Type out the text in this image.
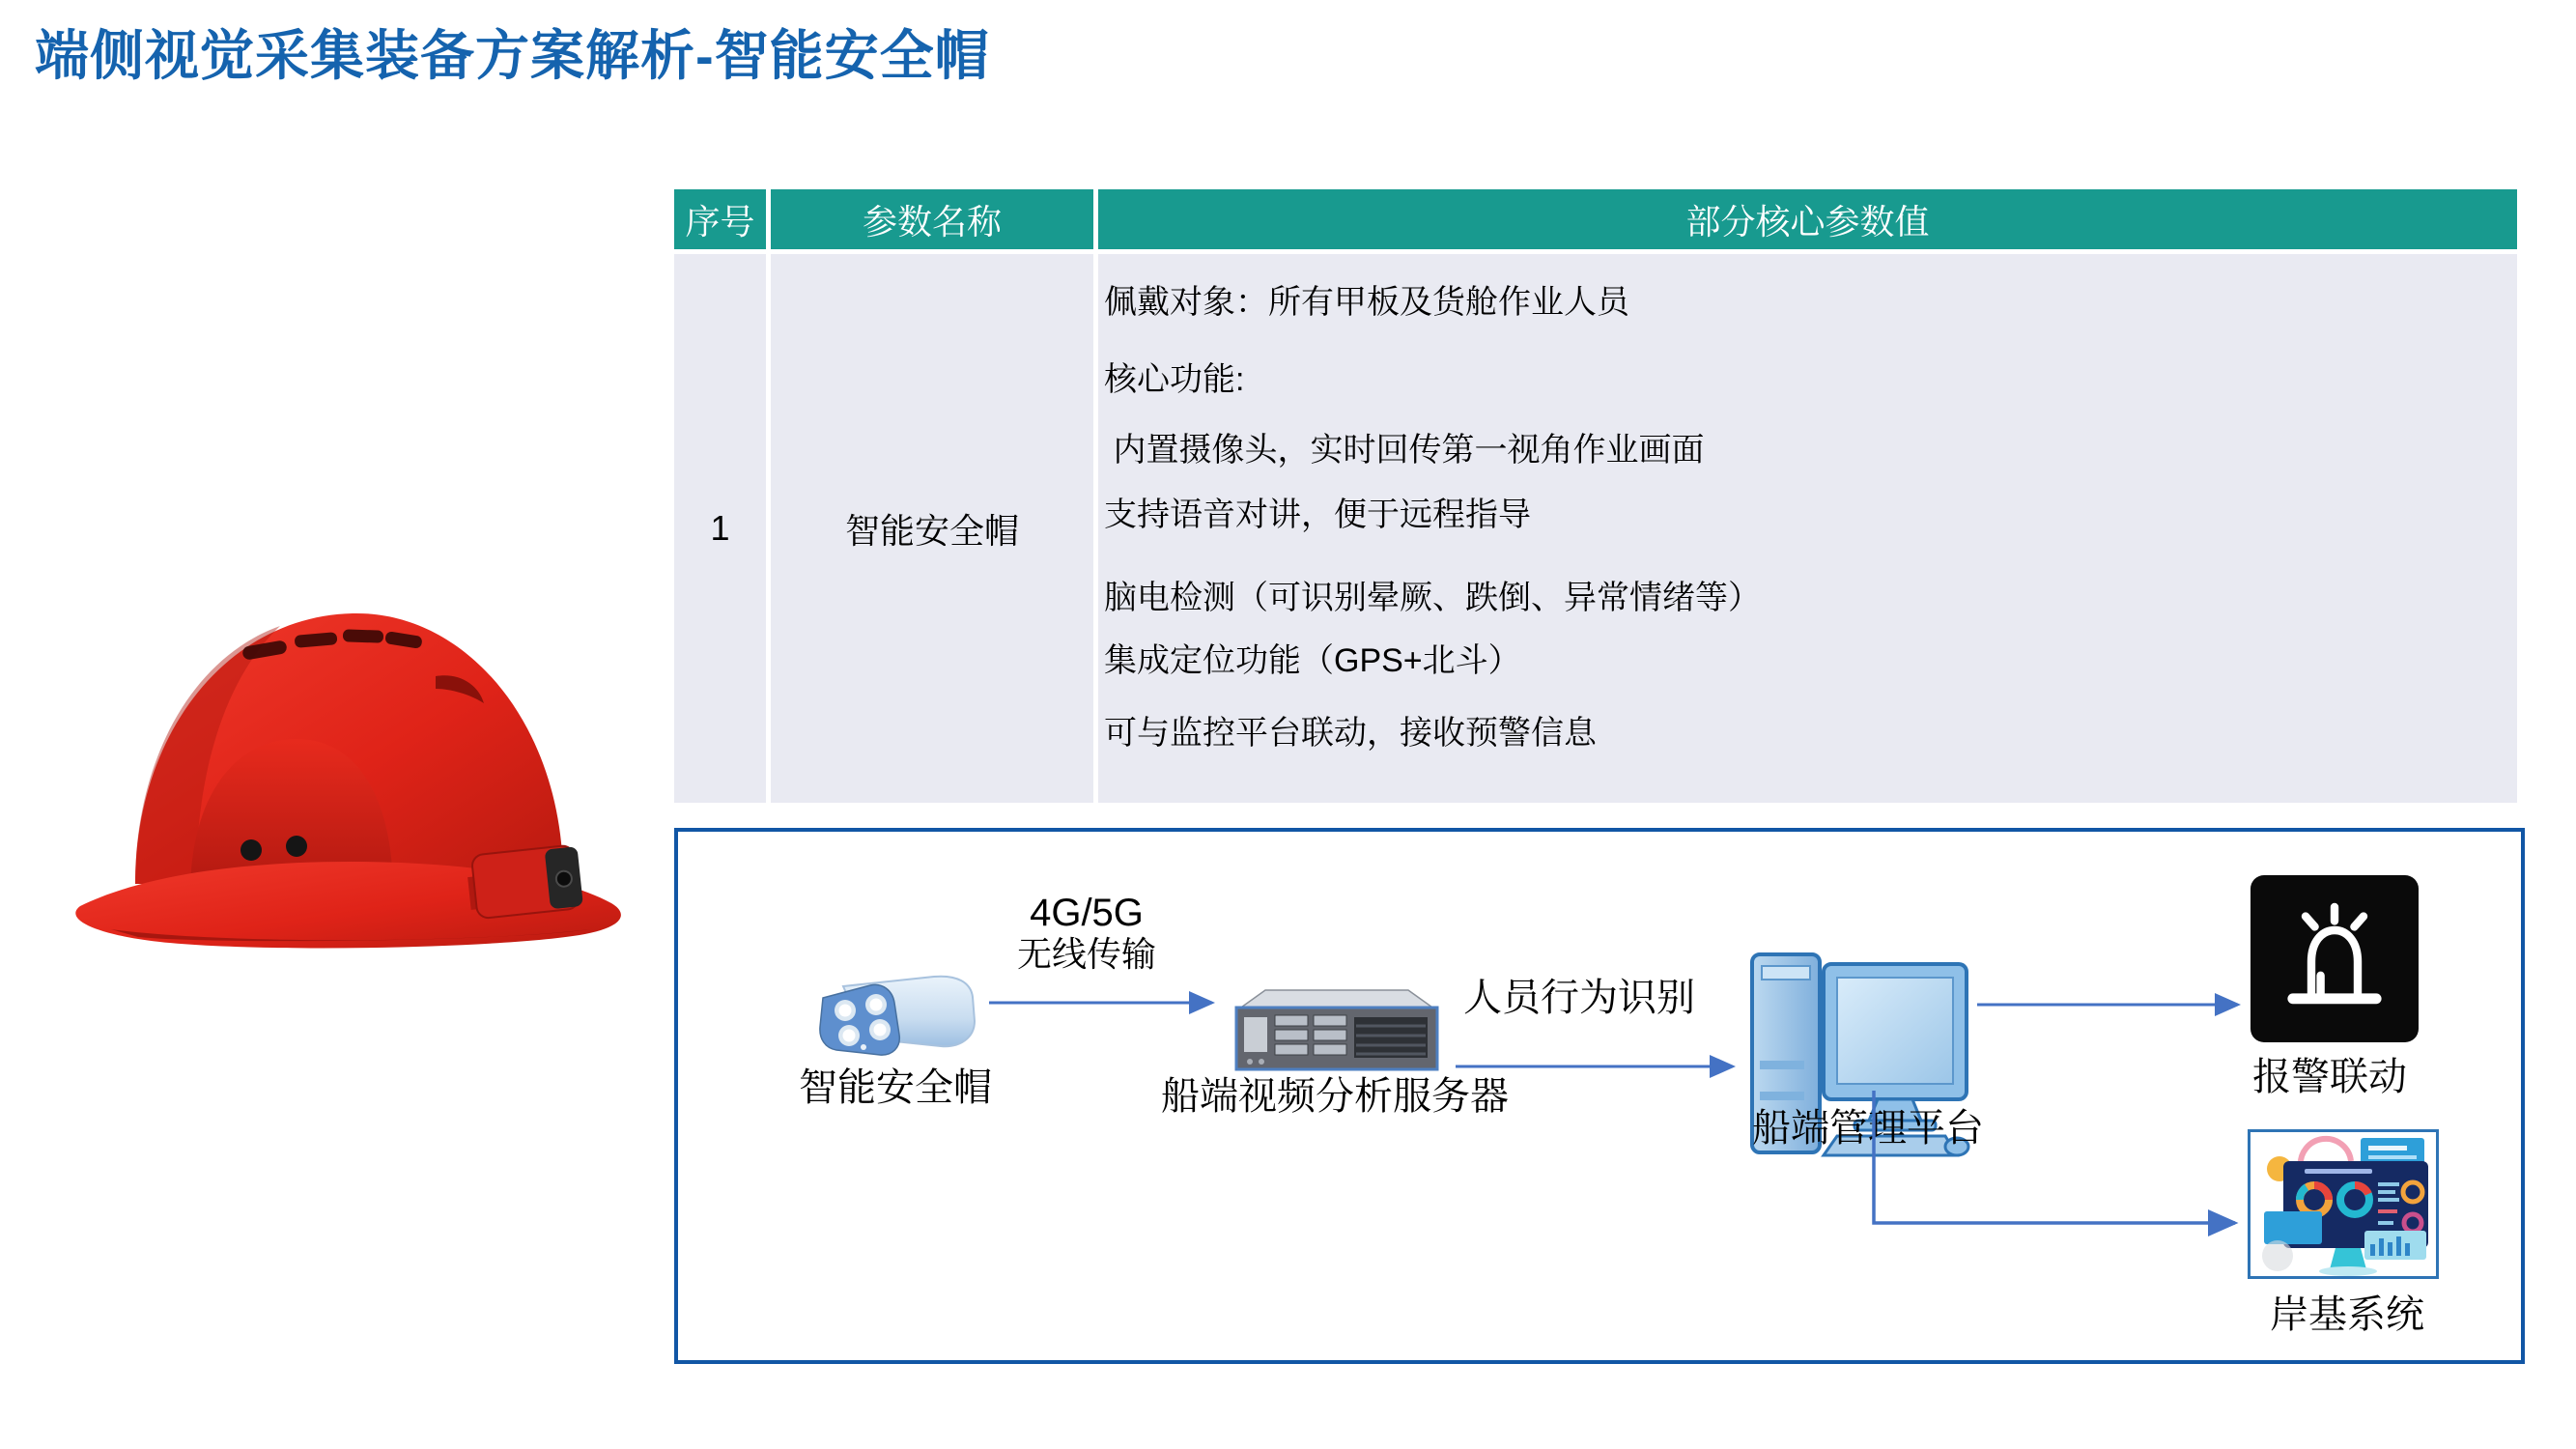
端侧视觉采集装备方案解析-智能安全帽
序号	参数名称	部分核心参数值
1	智能安全帽

佩戴对象：所有甲板及货舱作业人员

核心功能:

内置摄像头，实时回传第一视角作业画面

支持语音对讲，便于远程指导

脑电检测（可识别晕厥、跌倒、异常情绪等）

集成定位功能（GPS+北斗）

可与监控平台联动，接收预警信息

智能安全帽
4G/5G
无线传输
船端视频分析服务器
人员行为识别
船端管理平台
报警联动
岸基系统
